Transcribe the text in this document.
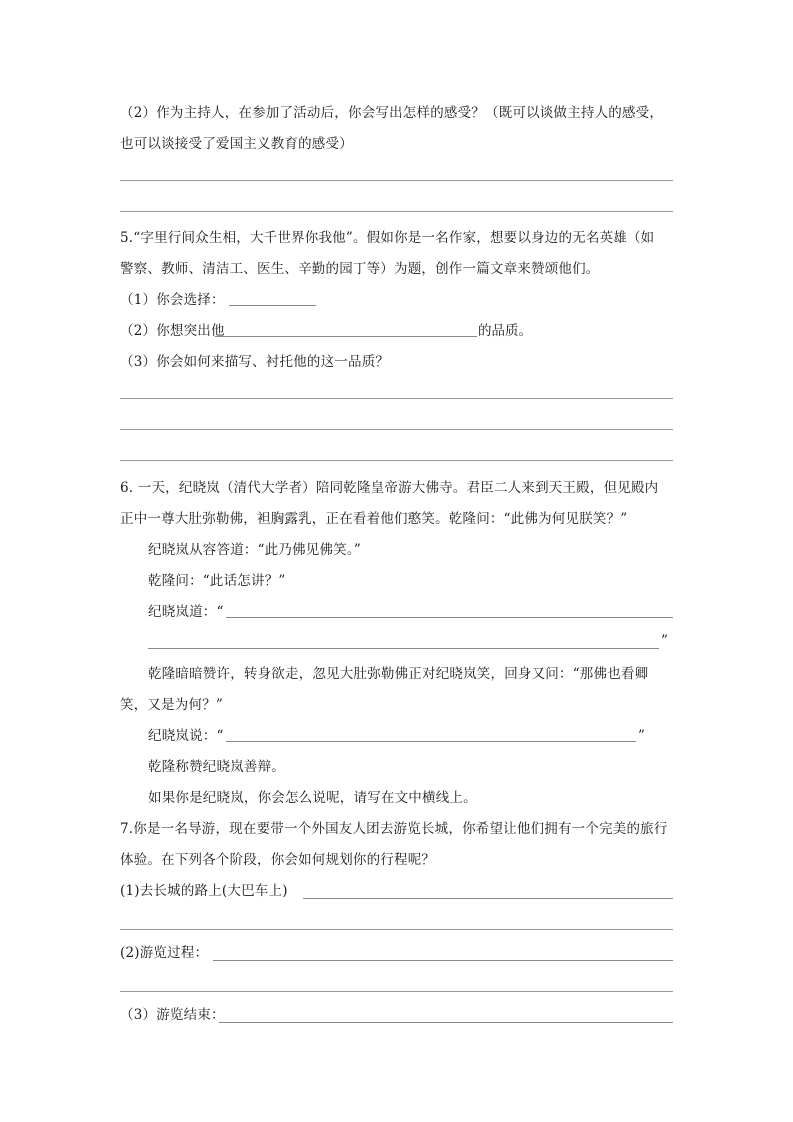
（2）作为主持人，在参加了活动后，你会写出怎样的感受？（既可以谈做主持人的感受，
也可以谈接受了爱国主义教育的感受）
5.“字里行间众生相，大千世界你我他”。假如你是一名作家，想要以身边的无名英雄（如
警察、教师、清洁工、医生、辛勤的园丁等）为题，创作一篇文章来赞颂他们。
（1）你会选择：
（2）你想突出他	的品质。
（3）你会如何来描写、衬托他的这一品质？
6. 一天，纪晓岚（清代大学者）陪同乾隆皇帝游大佛寺。君臣二人来到天王殿，但见殿内
正中一尊大肚弥勒佛，袒胸露乳，正在看着他们憨笑。乾隆问：“此佛为何见朕笑？”
纪晓岚从容答道：“此乃佛见佛笑。”
乾隆问：“此话怎讲？”
纪晓岚道：“
”
乾隆暗暗赞许，转身欲走，忽见大肚弥勒佛正对纪晓岚笑，回身又问：“那佛也看卿
笑，又是为何？”
纪晓岚说：“	”
乾隆称赞纪晓岚善辩。
如果你是纪晓岚，你会怎么说呢，请写在文中横线上。
7.你是一名导游，现在要带一个外国友人团去游览长城，你希望让他们拥有一个完美的旅行
体验。在下列各个阶段，你会如何规划你的行程呢？
(1)去长城的路上(大巴车上)
(2)游览过程：
（3）游览结束：
